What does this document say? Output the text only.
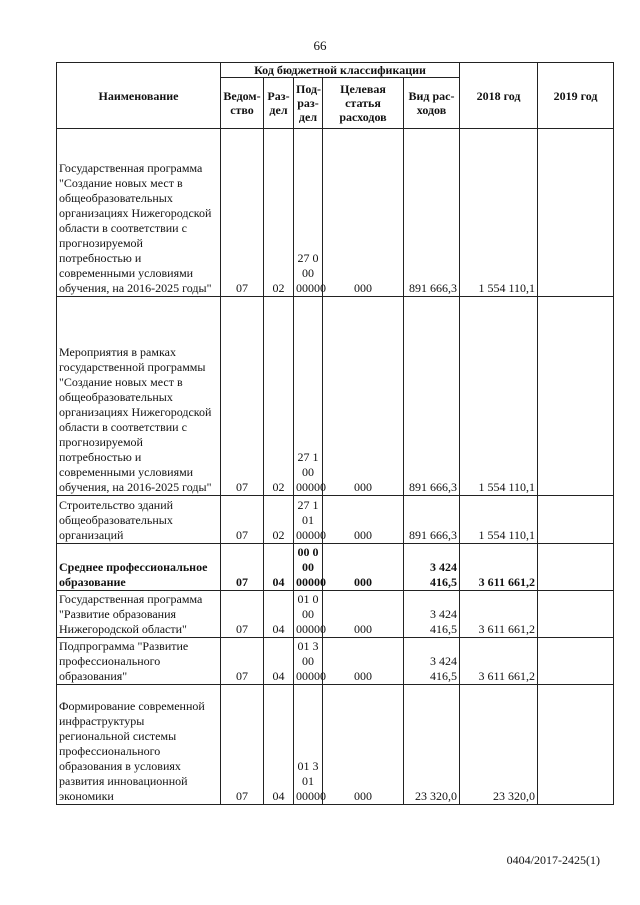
66
Наименование	Код бюджетной классификации					2018 год	2019 год
	Ведом-ство	Раз-дел	Под-раз-дел	Целевая статья расходов	Вид рас-ходов		
Государственная программа "Создание новых мест в общеобразовательных организациях Нижегородской области в соответствии с прогнозируемой потребностью и современными условиями обучения, на 2016-2025 годы"	07	02	27 0 00 00000	000	891 666,3	1 554 110,1	
Мероприятия в рамках государственной программы "Создание новых мест в общеобразовательных организациях Нижегородской области в соответствии с прогнозируемой потребностью и современными условиями обучения, на 2016-2025 годы"	07	02	27 1 00 00000	000	891 666,3	1 554 110,1	
Строительство зданий общеобразовательных организаций	07	02	27 1 01 00000	000	891 666,3	1 554 110,1	
Среднее профессиональное образование	07	04	00 0 00 00000	000	3 424 416,5	3 611 661,2	
Государственная программа "Развитие образования Нижегородской области"	07	04	01 0 00 00000	000	3 424 416,5	3 611 661,2	
Подпрограмма "Развитие профессионального образования"	07	04	01 3 00 00000	000	3 424 416,5	3 611 661,2	
Формирование современной инфраструктуры региональной системы профессионального образования в условиях развития инновационной экономики	07	04	01 3 01 00000	000	23 320,0	23 320,0	
0404/2017-2425(1)
